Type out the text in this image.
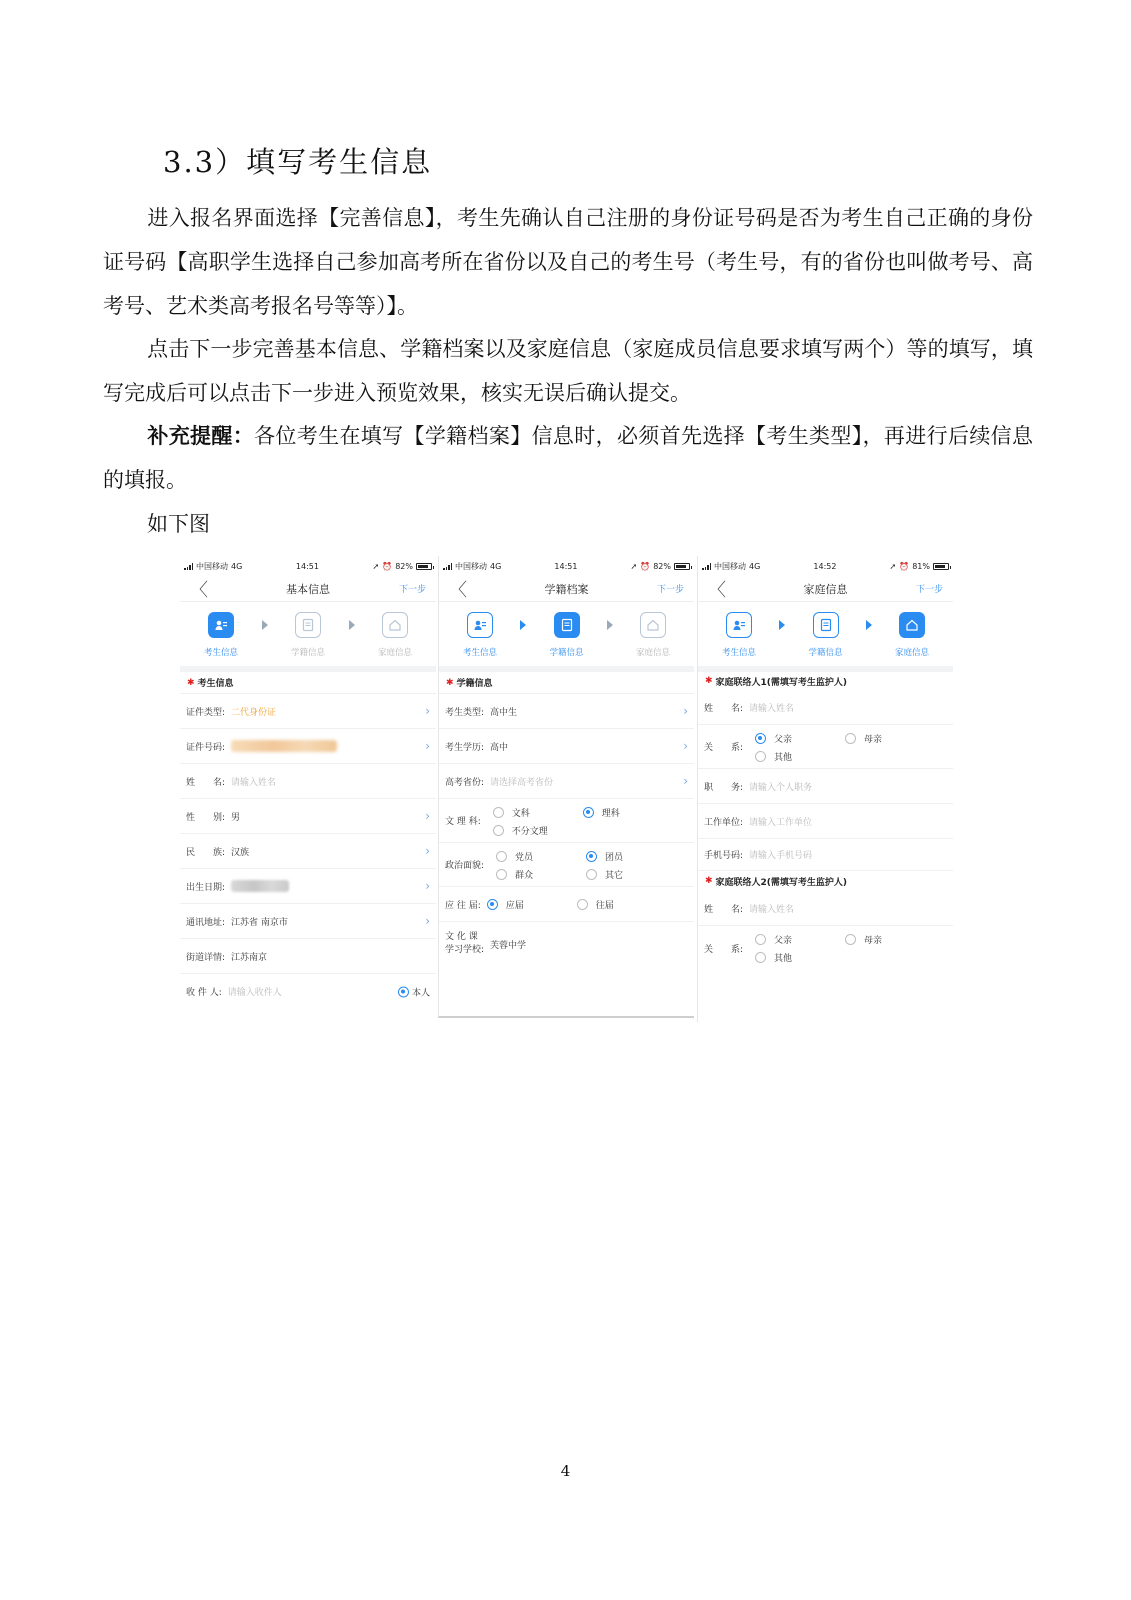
3.3）填写考生信息
进入报名界面选择【完善信息】，考生先确认自己注册的身份证号码是否为考生自己正确的身份证号码【高职学生选择自己参加高考所在省份以及自己的考生号（考生号，有的省份也叫做考号、高考号、艺术类高考报名号等等）】。
点击下一步完善基本信息、学籍档案以及家庭信息（家庭成员信息要求填写两个）等的填写，填写完成后可以点击下一步进入预览效果，核实无误后确认提交。
补充提醒：各位考生在填写【学籍档案】信息时，必须首先选择【考生类型】，再进行后续信息的填报。
如下图
中国移动 4G	14:51	➚ ⏰ 82%
〈	基本信息	下一步
考生信息	学籍信息	家庭信息
✱ 考生信息
证件类型: 二代身份证	›
证件号码:	›
姓　　名: 请输入姓名
性　　别: 男	›
民　　族: 汉族	›
出生日期:	›
通讯地址: 江苏省 南京市	›
街道详情: 江苏南京
收 件 人: 请输入收件人	本人
中国移动 4G	14:51	➚ ⏰ 82%
〈	学籍档案	下一步
考生信息	学籍信息	家庭信息
✱ 学籍信息
考生类型: 高中生	›
考生学历: 高中	›
高考省份: 请选择高考省份	›
文 理 科:
文科	理科
不分文理
政治面貌:
党员	团员
群众	其它
应 往 届:	应届	往届
文 化 课
学习学校: 芙蓉中学
中国移动 4G	14:52	➚ ⏰ 81%
〈	家庭信息	下一步
考生信息	学籍信息	家庭信息
✱ 家庭联络人1(需填写考生监护人)
姓　　名: 请输入姓名
关　　系:
父亲	母亲
其他
职　　务: 请输入个人职务
工作单位: 请输入工作单位
手机号码: 请输入手机号码
✱ 家庭联络人2(需填写考生监护人)
姓　　名: 请输入姓名
关　　系:
父亲	母亲
其他
4
